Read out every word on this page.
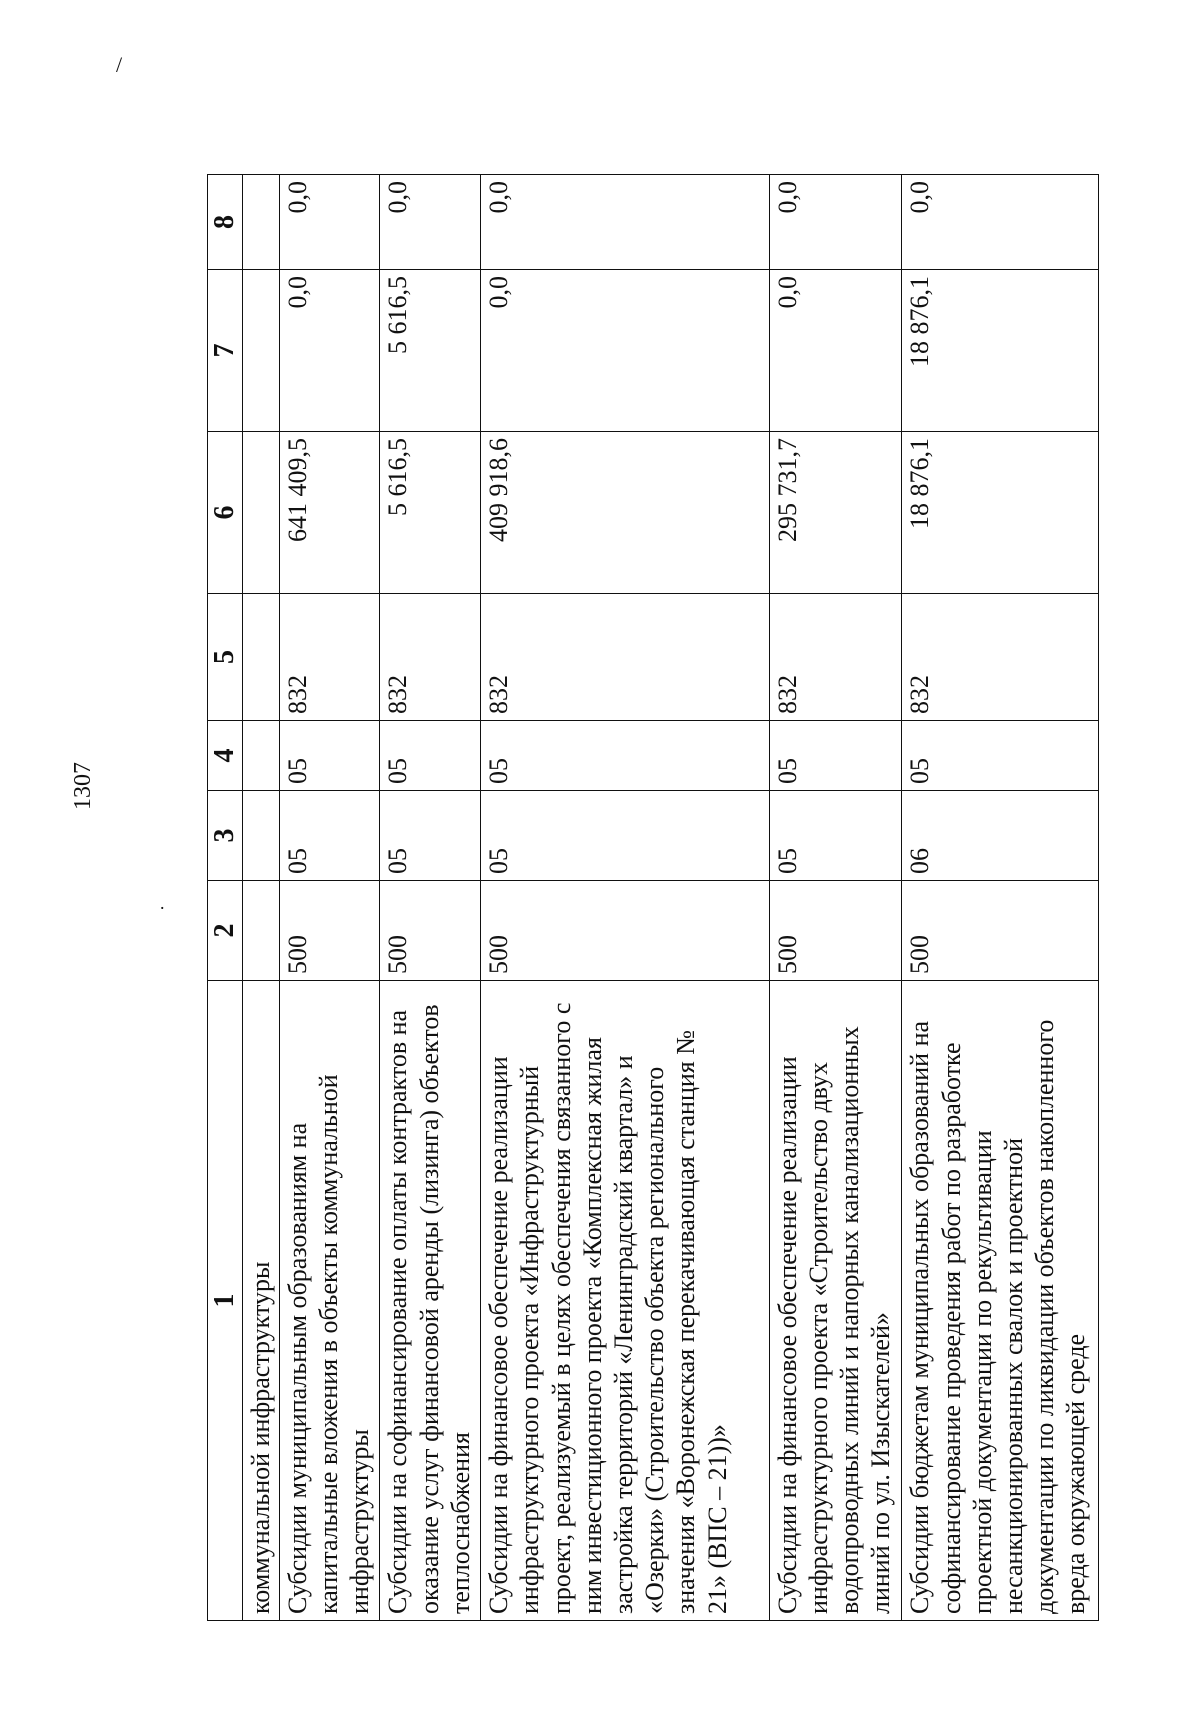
1307
/
.
1	2	3	4	5	6	7	8
коммунальной инфраструктуры							
Субсидии муниципальным образованиям на капитальные вложения в объекты коммунальной инфраструктуры	500	05	05	832	641 409,5	0,0	0,0
Субсидии на софинансирование оплаты контрактов на оказание услуг финансовой аренды (лизинга) объектов теплоснабжения	500	05	05	832	5 616,5	5 616,5	0,0
Субсидии на финансовое обеспечение реализации инфраструктурного проекта «Инфраструктурный проект, реализуемый в целях обеспечения связанного с ним инвестиционного проекта «Комплексная жилая застройка территорий «Ленинградский квартал» и «Озерки» (Строительство объекта регионального значения «Воронежская перекачивающая станция № 21» (ВПС – 21))»	500	05	05	832	409 918,6	0,0	0,0
Субсидии на финансовое обеспечение реализации инфраструктурного проекта «Строительство двух водопроводных линий и напорных канализационных линий по ул. Изыскателей»	500	05	05	832	295 731,7	0,0	0,0
Субсидии бюджетам муниципальных образований на софинансирование проведения работ по разработке проектной документации по рекультивации несанкционированных свалок и проектной документации по ликвидации объектов накопленного вреда окружающей среде	500	06	05	832	18 876,1	18 876,1	0,0
